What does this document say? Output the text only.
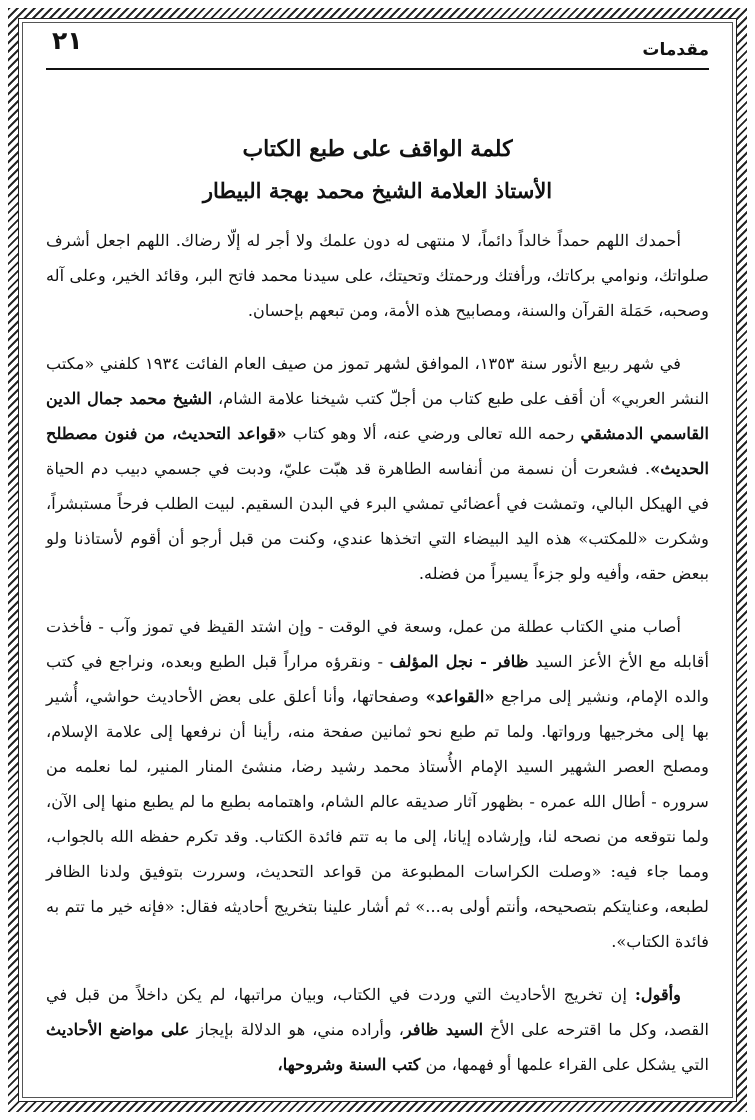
مقدمات
٢١
كلمة الواقف على طبع الكتاب
الأستاذ العلامة الشيخ محمد بهجة البيطار

أحمدك اللهم حمداً خالداً دائماً، لا منتهى له دون علمك ولا أجر له إلّا رضاك. اللهم اجعل أشرف صلواتك، ونوامي بركاتك، ورأفتك ورحمتك وتحيتك، على سيدنا محمد فاتح البر، وقائد الخير، وعلى آله وصحبه، حَمَلة القرآن والسنة، ومصابيح هذه الأمة، ومن تبعهم بإحسان.

في شهر ربيع الأنور سنة ١٣٥٣، الموافق لشهر تموز من صيف العام الفائت ١٩٣٤ كلفني «مكتب النشر العربي» أن أقف على طبع كتاب من أجلّ كتب شيخنا علامة الشام، الشيخ محمد جمال الدين القاسمي الدمشقي رحمه الله تعالى ورضي عنه، ألا وهو كتاب «قواعد التحديث، من فنون مصطلح الحديث». فشعرت أن نسمة من أنفاسه الطاهرة قد هبّت عليّ، ودبت في جسمي دبيب دم الحياة في الهيكل البالي، وتمشت في أعضائي تمشي البرء في البدن السقيم. لبيت الطلب فرحاً مستبشراً، وشكرت «للمكتب» هذه اليد البيضاء التي اتخذها عندي، وكنت من قبل أرجو أن أقوم لأستاذنا ولو ببعض حقه، وأفيه ولو جزءاً يسيراً من فضله.

أصاب مني الكتاب عطلة من عمل، وسعة في الوقت - وإن اشتد القيظ في تموز وآب - فأخذت أقابله مع الأخ الأعز السيد ظافر - نجل المؤلف - ونقرؤه مراراً قبل الطبع وبعده، ونراجع في كتب والده الإمام، ونشير إلى مراجع «القواعد» وصفحاتها، وأنا أعلق على بعض الأحاديث حواشي، أُشير بها إلى مخرجيها ورواتها. ولما تم طبع نحو ثمانين صفحة منه، رأينا أن نرفعها إلى علامة الإسلام، ومصلح العصر الشهير السيد الإمام الأُستاذ محمد رشيد رضا، منشئ المنار المنير، لما نعلمه من سروره - أطال الله عمره - بظهور آثار صديقه عالم الشام، واهتمامه بطبع ما لم يطبع منها إلى الآن، ولما نتوقعه من نصحه لنا، وإرشاده إيانا، إلى ما به تتم فائدة الكتاب. وقد تكرم حفظه الله بالجواب، ومما جاء فيه: «وصلت الكراسات المطبوعة من قواعد التحديث، وسررت بتوفيق ولدنا الظافر لطبعه، وعنايتكم بتصحيحه، وأنتم أولى به...» ثم أشار علينا بتخريج أحاديثه فقال: «فإنه خير ما تتم به فائدة الكتاب».

وأقول: إن تخريج الأحاديث التي وردت في الكتاب، وبيان مراتبها، لم يكن داخلاً من قبل في القصد، وكل ما اقترحه على الأخ السيد ظافر، وأراده مني، هو الدلالة بإيجاز على مواضع الأحاديث التي يشكل على القراء علمها أو فهمها، من كتب السنة وشروحها،
